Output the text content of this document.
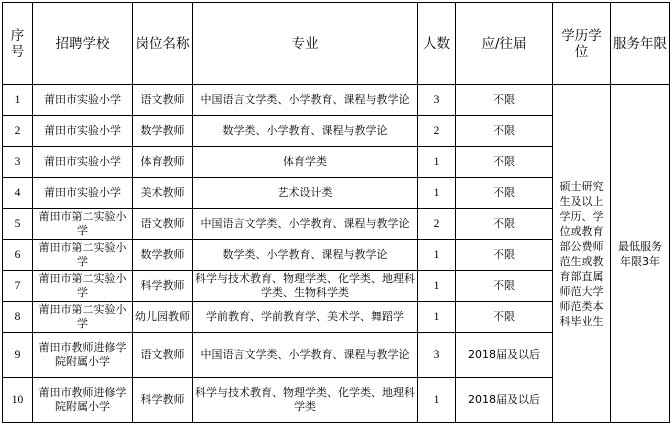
序号	招聘学校	岗位名称	专业	人数	应/往届	学历学位	服务年限
1	莆田市实验小学	语文教师	中国语言文学类、小学教育、课程与教学论	3	不限	硕士研究生及以上学历、学位或教育部公费师范生或教育部直属师范大学师范类本科毕业生	最低服务年限3年
2	莆田市实验小学	数学教师	数学类、小学教育、课程与教学论	2	不限		
3	莆田市实验小学	体育教师	体育学类	1	不限		
4	莆田市实验小学	美术教师	艺术设计类	1	不限		
5	莆田市第二实验小学	语文教师	中国语言文学类、小学教育、课程与教学论	2	不限		
6	莆田市第二实验小学	数学教师	数学类、小学教育、课程与教学论	1	不限		
7	莆田市第二实验小学	科学教师	科学与技术教育、物理学类、化学类、地理科学类、生物科学类	1	不限		
8	莆田市第二实验小学	幼儿园教师	学前教育、学前教育学、美术学、舞蹈学	1	不限		
9	莆田市教师进修学院附属小学	语文教师	中国语言文学类、小学教育、课程与教学论	3	2018届及以后		
10	莆田市教师进修学院附属小学	科学教师	科学与技术教育、物理学类、化学类、地理科学类	1	2018届及以后		
